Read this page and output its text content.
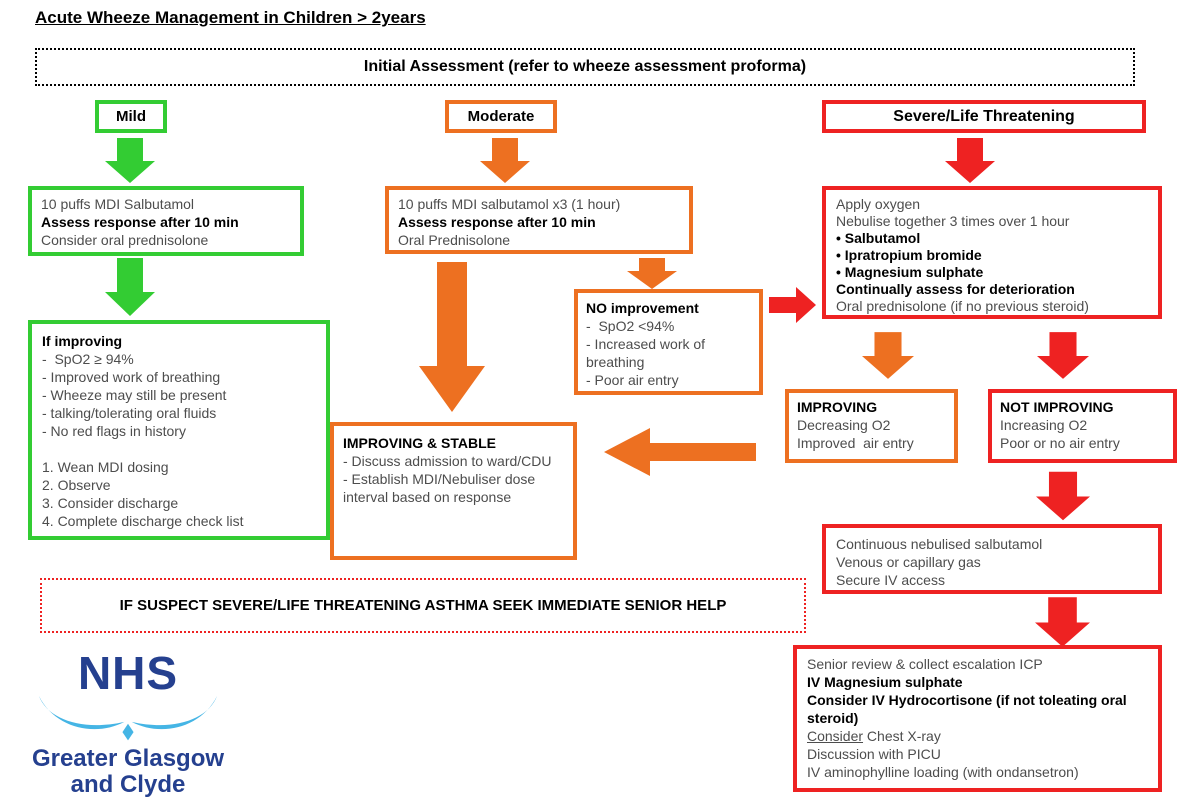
Acute Wheeze Management in Children > 2years
Initial Assessment (refer to wheeze assessment proforma)
Mild	Moderate	Severe/Life Threatening
10 puffs MDI Salbutamol
Assess response after 10 min
Consider oral prednisolone
If improving
-  SpO2 ≥ 94%
- Improved work of breathing
- Wheeze may still be present
- talking/tolerating oral fluids
- No red flags in history
1. Wean MDI dosing
2. Observe
3. Consider discharge
4. Complete discharge check list
10 puffs MDI salbutamol x3 (1 hour)
Assess response after 10 min
Oral Prednisolone
NO improvement
-  SpO2 <94%
- Increased work of breathing
- Poor air entry
IMPROVING & STABLE
- Discuss admission to ward/CDU
- Establish MDI/Nebuliser dose interval based on response
Apply oxygen
Nebulise together 3 times over 1 hour
• Salbutamol
• Ipratropium bromide
• Magnesium sulphate
Continually assess for deterioration
Oral prednisolone (if no previous steroid)
IMPROVING
Decreasing O2
Improved  air entry
NOT IMPROVING
Increasing O2
Poor or no air entry
Continuous nebulised salbutamol
Venous or capillary gas
Secure IV access
Senior review & collect escalation ICP
IV Magnesium sulphate
Consider IV Hydrocortisone (if not toleating oral steroid)
Consider Chest X-ray
Discussion with PICU
IV aminophylline loading (with ondansetron)
IF SUSPECT SEVERE/LIFE THREATENING ASTHMA SEEK IMMEDIATE SENIOR HELP
NHS
Greater Glasgow
and Clyde
